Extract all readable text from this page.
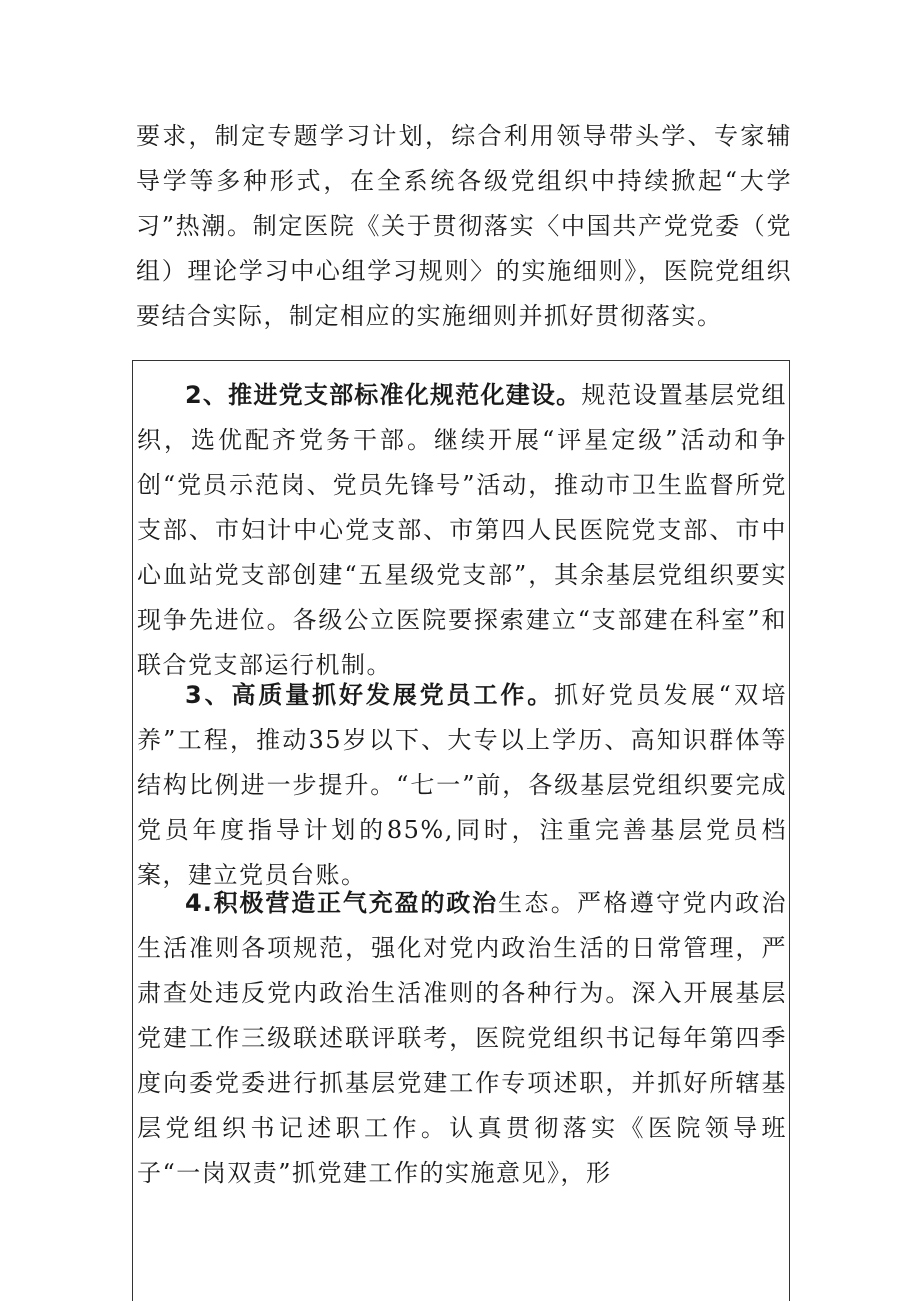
要求，制定专题学习计划，综合利用领导带头学、专家辅导学等多种形式，在全系统各级党组织中持续掀起“大学习”热潮。制定医院《关于贯彻落实〈中国共产党党委（党组）理论学习中心组学习规则〉的实施细则》，医院党组织要结合实际，制定相应的实施细则并抓好贯彻落实。

2、推进党支部标准化规范化建设。规范设置基层党组织，选优配齐党务干部。继续开展“评星定级”活动和争创“党员示范岗、党员先锋号”活动，推动市卫生监督所党支部、市妇计中心党支部、市第四人民医院党支部、市中心血站党支部创建“五星级党支部”，其余基层党组织要实现争先进位。各级公立医院要探索建立“支部建在科室”和联合党支部运行机制。

3、高质量抓好发展党员工作。抓好党员发展“双培养”工程，推动35岁以下、大专以上学历、高知识群体等结构比例进一步提升。“七一”前，各级基层党组织要完成党员年度指导计划的85%,同时，注重完善基层党员档案，建立党员台账。

4.积极营造正气充盈的政治生态。严格遵守党内政治生活准则各项规范，强化对党内政治生活的日常管理，严肃查处违反党内政治生活准则的各种行为。深入开展基层党建工作三级联述联评联考，医院党组织书记每年第四季度向委党委进行抓基层党建工作专项述职，并抓好所辖基层党组织书记述职工作。认真贯彻落实《医院领导班子“一岗双责”抓党建工作的实施意见》，形
